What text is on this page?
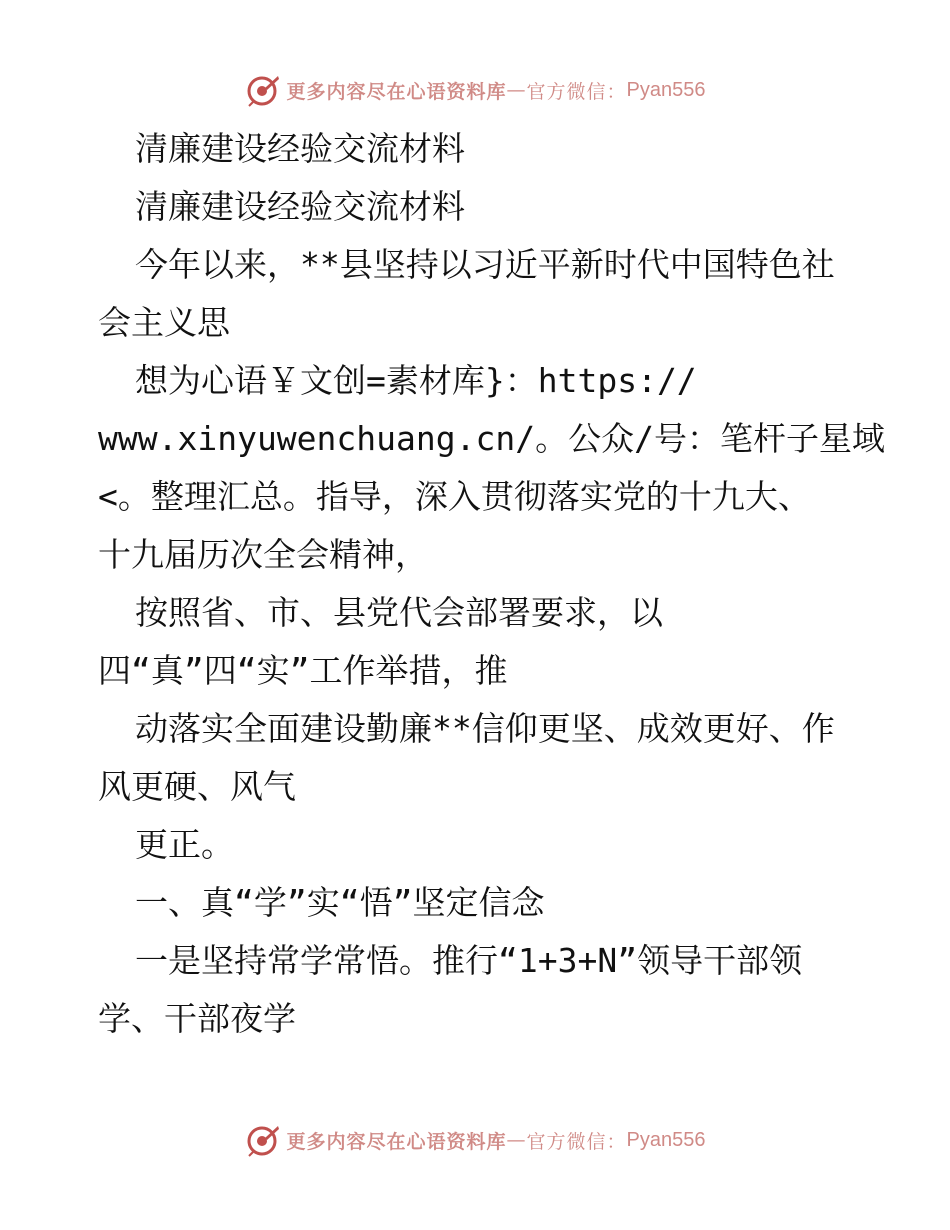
更多内容尽在心语资料库 — 官方微信： Pyan556
清廉建设经验交流材料
清廉建设经验交流材料
今年以来，**县坚持以习近平新时代中国特色社
会主义思
想为心语￥文创=素材库}：https://
www.xinyuwenchuang.cn/。公众/号：笔杆子星域
<。整理汇总。指导，深入贯彻落实党的十九大、
十九届历次全会精神，
按照省、市、县党代会部署要求，以
四“真”四“实”工作举措，推
动落实全面建设勤廉**信仰更坚、成效更好、作
风更硬、风气
更正。
一、真“学”实“悟”坚定信念
一是坚持常学常悟。推行“1+3+N”领导干部领
学、干部夜学
更多内容尽在心语资料库 — 官方微信： Pyan556
